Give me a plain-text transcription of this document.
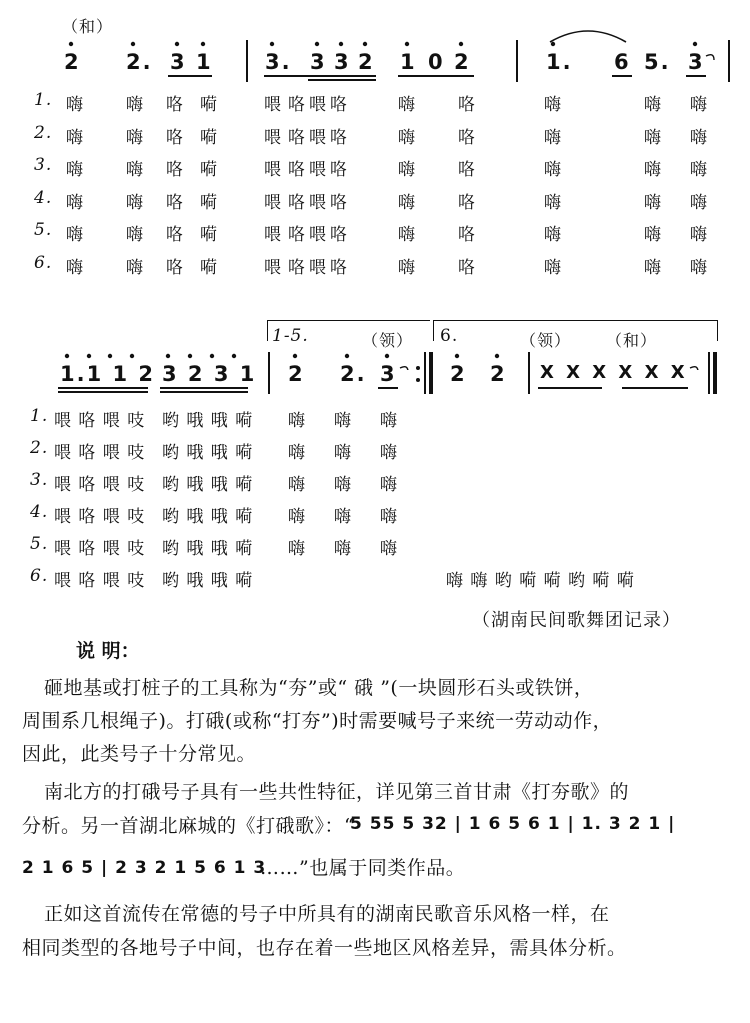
（和）
2 2. 3 1 3. 3 3 2 1 0 2	1. 6 5. 3
1. 嗨 嗨 咯 嗬	喂 咯喂咯	嗨 咯	嗨	嗨 嗨
2. 嗨 嗨 咯 嗬	喂 咯喂咯	嗨 咯	嗨	嗨 嗨
3. 嗨 嗨 咯 嗬	喂 咯喂咯	嗨 咯	嗨	嗨 嗨
4. 嗨 嗨 咯 嗬	喂 咯喂咯	嗨 咯	嗨	嗨 嗨
5. 嗨 嗨 咯 嗬	喂 咯喂咯	嗨 咯	嗨	嗨 嗨
6. 嗨 嗨 咯 嗬	喂 咯喂咯	嗨 咯	嗨	嗨 嗨
1-5.	（领） 6.	（领） （和）
1.1 1 2 3 2 3 1 2 2. 3	2 2 X X X X X X
1. 喂 咯 喂 吱 哟 哦 哦 嗬 嗨 嗨 嗨
2. 喂 咯 喂 吱 哟 哦 哦 嗬 嗨 嗨 嗨
3. 喂 咯 喂 吱 哟 哦 哦 嗬 嗨 嗨 嗨
4. 喂 咯 喂 吱 哟 哦 哦 嗬 嗨 嗨 嗨
5. 喂 咯 喂 吱 哟 哦 哦 嗬 嗨 嗨 嗨
6. 喂 咯 喂 吱 哟 哦 哦 嗬	嗨 嗨 哟 嗬 嗬 哟 嗬 嗬
（湖南民间歌舞团记录）
说 明：
砸地基或打桩子的工具称为“夯”或“ 硪 ”(一块圆形石头或铁饼，
周围系几根绳子)。打硪(或称“打夯”)时需要喊号子来统一劳动动作，
因此，此类号子十分常见。
南北方的打硪号子具有一些共性特征，详见第三首甘肃《打夯歌》的
分析。另一首湖北麻城的《打硪歌》：“
5 55 5 32 | 1 6 5 6 1 | 1. 3 2 1 |
2 1 6 5 | 2 3 2 1 5 6 1 3
……”也属于同类作品。
正如这首流传在常德的号子中所具有的湖南民歌音乐风格一样，在
相同类型的各地号子中间，也存在着一些地区风格差异，需具体分析。
